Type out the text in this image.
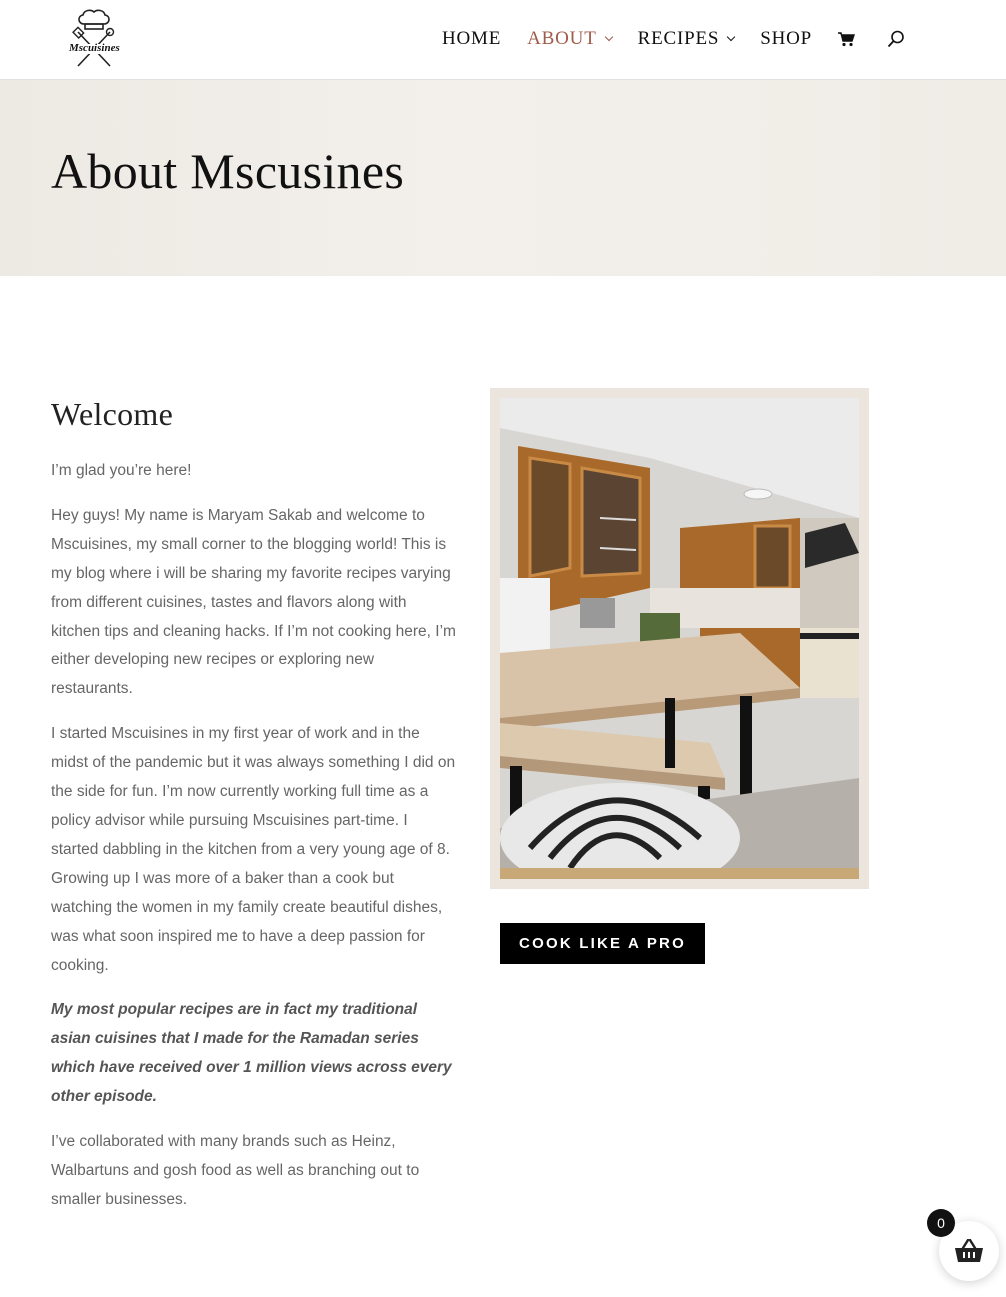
Mscuisines	HOME ABOUT RECIPES SHOP
About Mscusines
Welcome

I’m glad you’re here!

Hey guys! My name is Maryam Sakab and welcome to Mscuisines, my small corner to the blogging world! This is my blog where i will be sharing my favorite recipes varying from different cuisines, tastes and flavors along with kitchen tips and cleaning hacks. If I’m not cooking here, I’m either developing new recipes or exploring new restaurants.

I started Mscuisines in my first year of work and in the midst of the pandemic but it was always something I did on the side for fun. I’m now currently working full time as a policy advisor while pursuing Mscuisines part-time. I started dabbling in the kitchen from a very young age of 8. Growing up I was more of a baker than a cook but watching the women in my family create beautiful dishes, was what soon inspired me to have a deep passion for cooking.

My most popular recipes are in fact my traditional asian cuisines that I made for the Ramadan series which have received over 1 million views across every other episode.

I’ve collaborated with many brands such as Heinz, Walbartuns and gosh food as well as branching out to smaller businesses.

COOK LIKE A PRO
0
